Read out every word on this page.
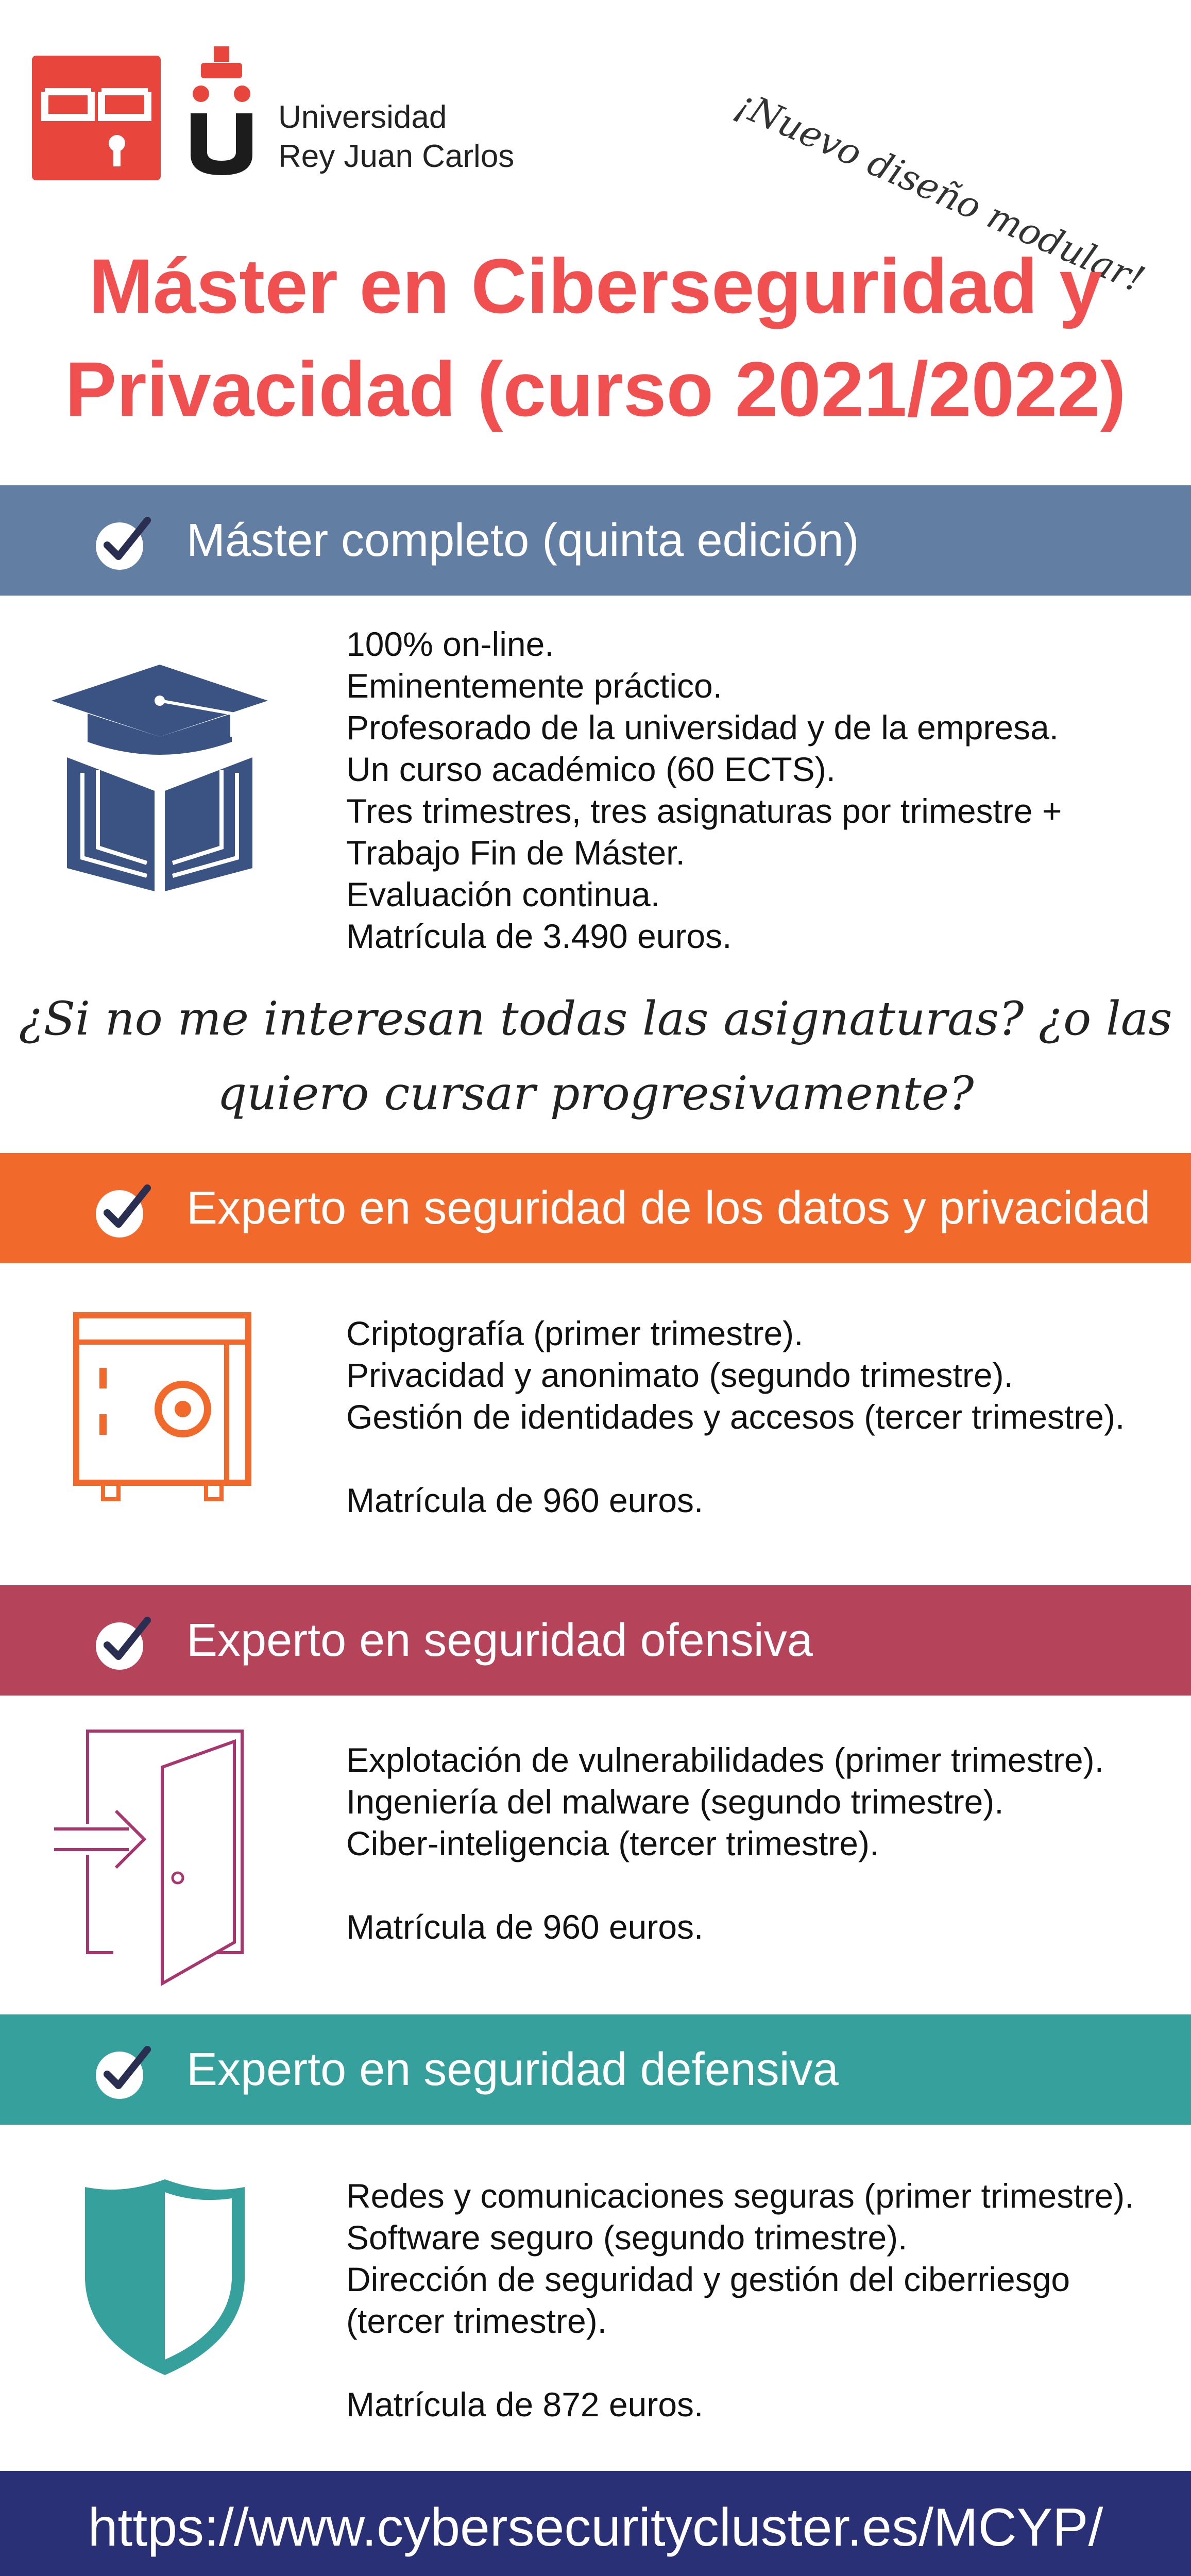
Universidad
Rey Juan Carlos	¡Nuevo diseño modular!
Máster en Ciberseguridad y
Privacidad (curso 2021/2022)
Máster completo (quinta edición)
100% on-line.
Eminentemente práctico.
Profesorado de la universidad y de la empresa.
Un curso académico (60 ECTS).
Tres trimestres, tres asignaturas por trimestre +
Trabajo Fin de Máster.
Evaluación continua.
Matrícula de 3.490 euros.
¿Si no me interesan todas las asignaturas? ¿o las
quiero cursar progresivamente?
Experto en seguridad de los datos y privacidad
Criptografía (primer trimestre).
Privacidad y anonimato (segundo trimestre).
Gestión de identidades y accesos (tercer trimestre).
Matrícula de 960 euros.
Experto en seguridad ofensiva
Explotación de vulnerabilidades (primer trimestre).
Ingeniería del malware (segundo trimestre).
Ciber-inteligencia (tercer trimestre).
Matrícula de 960 euros.
Experto en seguridad defensiva
Redes y comunicaciones seguras (primer trimestre).
Software seguro (segundo trimestre).
Dirección de seguridad y gestión del ciberriesgo
(tercer trimestre).
Matrícula de 872 euros.
https://www.cybersecuritycluster.es/MCYP/
